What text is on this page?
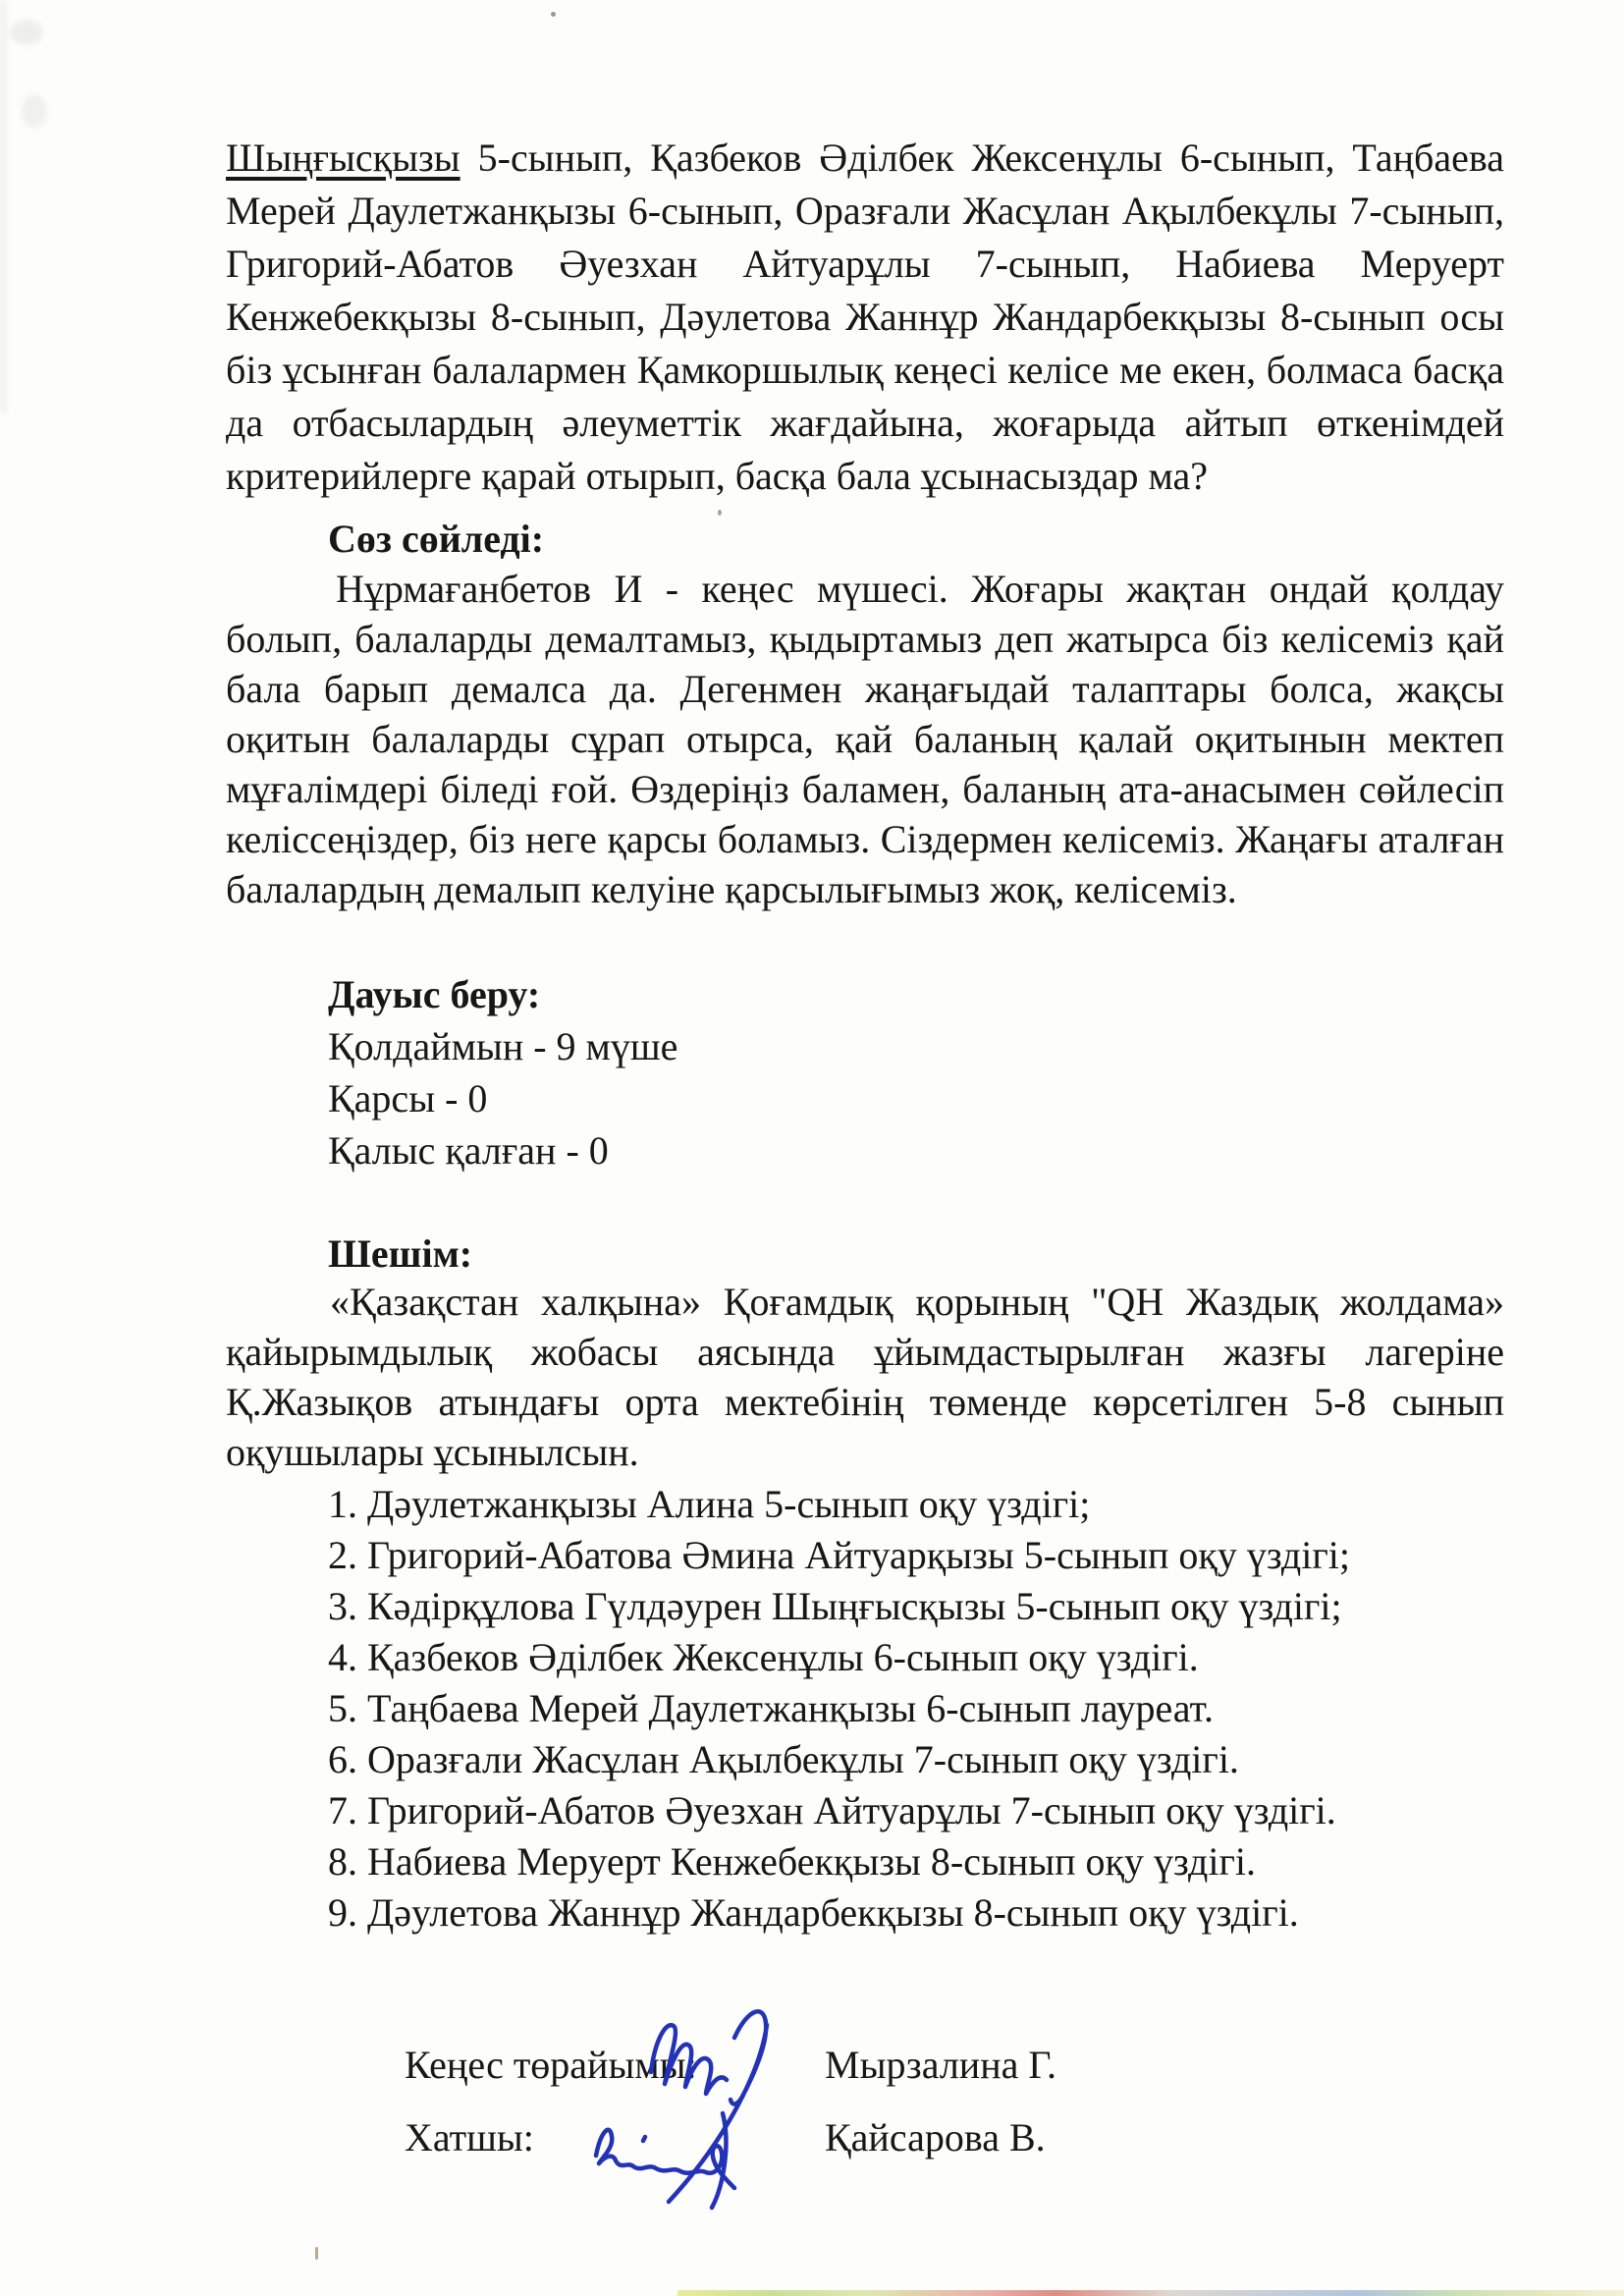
Шыңғысқызы 5-сынып, Қазбеков Әділбек Жексенұлы 6-сынып, Таңбаева Мерей Даулетжанқызы 6-сынып, Оразғали Жасұлан Ақылбекұлы 7-сынып, Григорий-Абатов Әуезхан Айтуарұлы 7-сынып, Набиева Меруерт Кенжебекқызы 8-сынып, Дәулетова Жаннұр Жандарбекқызы 8-сынып осы біз ұсынған балалармен Қамкоршылық кеңесі келісе ме екен, болмаса басқа да отбасылардың әлеуметтік жағдайына, жоғарыда айтып өткенімдей критерийлерге қарай отырып, басқа бала ұсынасыздар ма?
Сөз сөйледі:
Нұрмағанбетов И - кеңес мүшесі. Жоғары жақтан ондай қолдау болып, балаларды демалтамыз, қыдыртамыз деп жатырса біз келісеміз қай бала барып демалса да. Дегенмен жаңағыдай талаптары болса, жақсы оқитын балаларды сұрап отырса, қай баланың қалай оқитынын мектеп мұғалімдері біледі ғой. Өздеріңіз баламен, баланың ата-анасымен сөйлесіп келіссеңіздер, біз неге қарсы боламыз. Сіздермен келісеміз. Жаңағы аталған балалардың демалып келуіне қарсылығымыз жоқ, келісеміз.
Дауыс беру:
Қолдаймын - 9 мүше
Қарсы - 0
Қалыс қалған - 0
Шешім:
«Қазақстан халқына» Қоғамдық қорының "QH Жаздық жолдама» қайырымдылық жобасы аясында ұйымдастырылған жазғы лагеріне Қ.Жазықов атындағы орта мектебінің төменде көрсетілген 5-8 сынып оқушылары ұсынылсын.
1. Дәулетжанқызы Алина 5-сынып оқу үздігі;
2. Григорий-Абатова Әмина Айтуарқызы 5-сынып оқу үздігі;
3. Кәдірқұлова Гүлдәурен Шыңғысқызы 5-сынып оқу үздігі;
4. Қазбеков Әділбек Жексенұлы 6-сынып оқу үздігі.
5. Таңбаева Мерей Даулетжанқызы 6-сынып лауреат.
6. Оразғали Жасұлан Ақылбекұлы 7-сынып оқу үздігі.
7. Григорий-Абатов Әуезхан Айтуарұлы 7-сынып оқу үздігі.
8. Набиева Меруерт Кенжебекқызы 8-сынып оқу үздігі.
9. Дәулетова Жаннұр Жандарбекқызы 8-сынып оқу үздігі.
Кеңес төрайымы:	Мырзалина Г.
Хатшы:	Қайсарова В.
